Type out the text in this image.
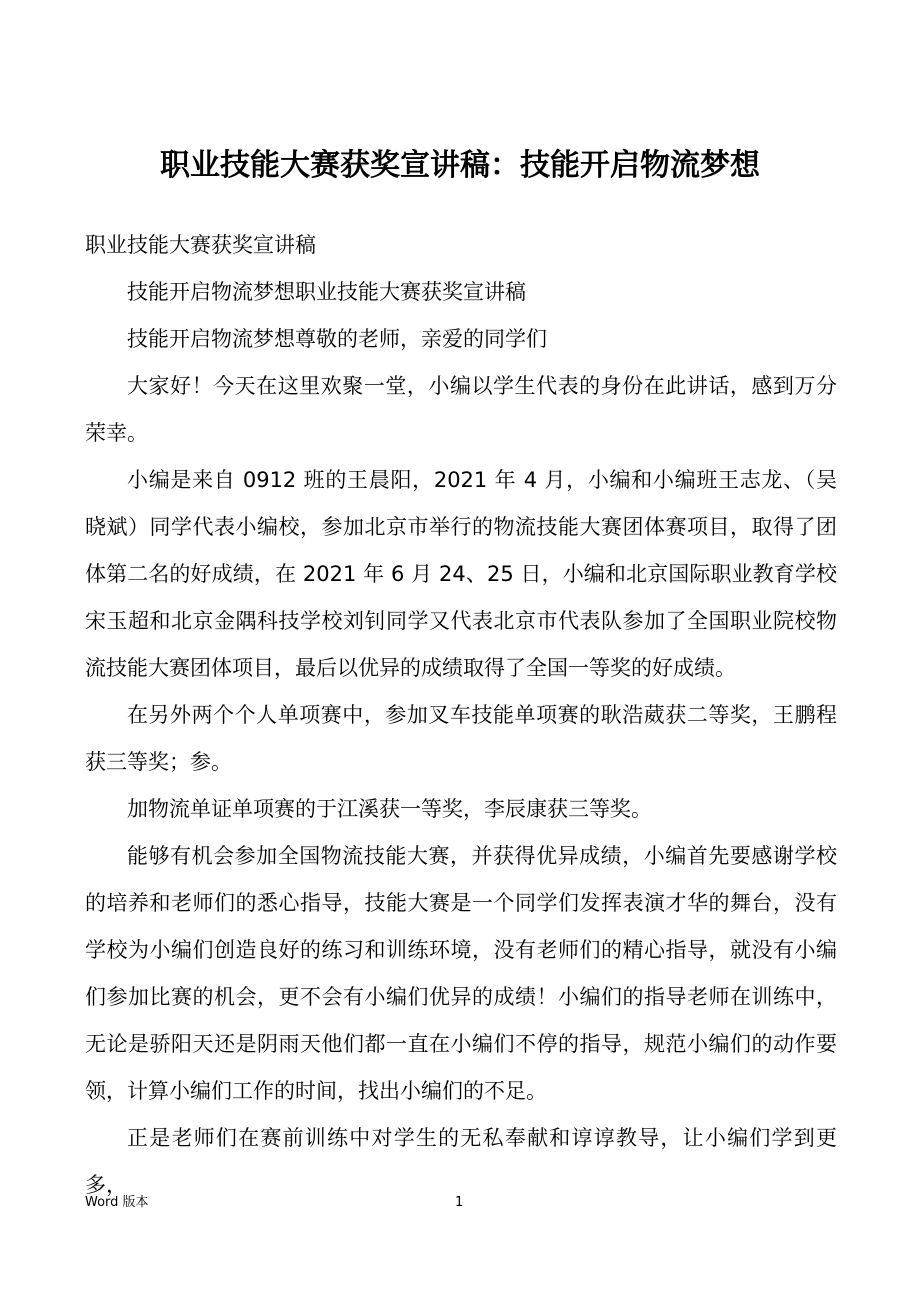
职业技能大赛获奖宣讲稿：技能开启物流梦想

职业技能大赛获奖宣讲稿

技能开启物流梦想职业技能大赛获奖宣讲稿

技能开启物流梦想尊敬的老师，亲爱的同学们

大家好！今天在这里欢聚一堂，小编以学生代表的身份在此讲话，感到万分荣幸。

小编是来自 0912 班的王晨阳，2021 年 4 月，小编和小编班王志龙、（吴晓斌）同学代表小编校，参加北京市举行的物流技能大赛团体赛项目，取得了团体第二名的好成绩，在 2021 年 6 月 24、25 日，小编和北京国际职业教育学校宋玉超和北京金隅科技学校刘钊同学又代表北京市代表队参加了全国职业院校物流技能大赛团体项目，最后以优异的成绩取得了全国一等奖的好成绩。

在另外两个个人单项赛中，参加叉车技能单项赛的耿浩葳获二等奖，王鹏程获三等奖；参。

加物流单证单项赛的于江溪获一等奖，李辰康获三等奖。

能够有机会参加全国物流技能大赛，并获得优异成绩，小编首先要感谢学校的培养和老师们的悉心指导，技能大赛是一个同学们发挥表演才华的舞台，没有学校为小编们创造良好的练习和训练环境，没有老师们的精心指导，就没有小编们参加比赛的机会，更不会有小编们优异的成绩！小编们的指导老师在训练中，无论是骄阳天还是阴雨天他们都一直在小编们不停的指导，规范小编们的动作要领，计算小编们工作的时间，找出小编们的不足。

正是老师们在赛前训练中对学生的无私奉献和谆谆教导，让小编们学到更多，

Word 版本	1
